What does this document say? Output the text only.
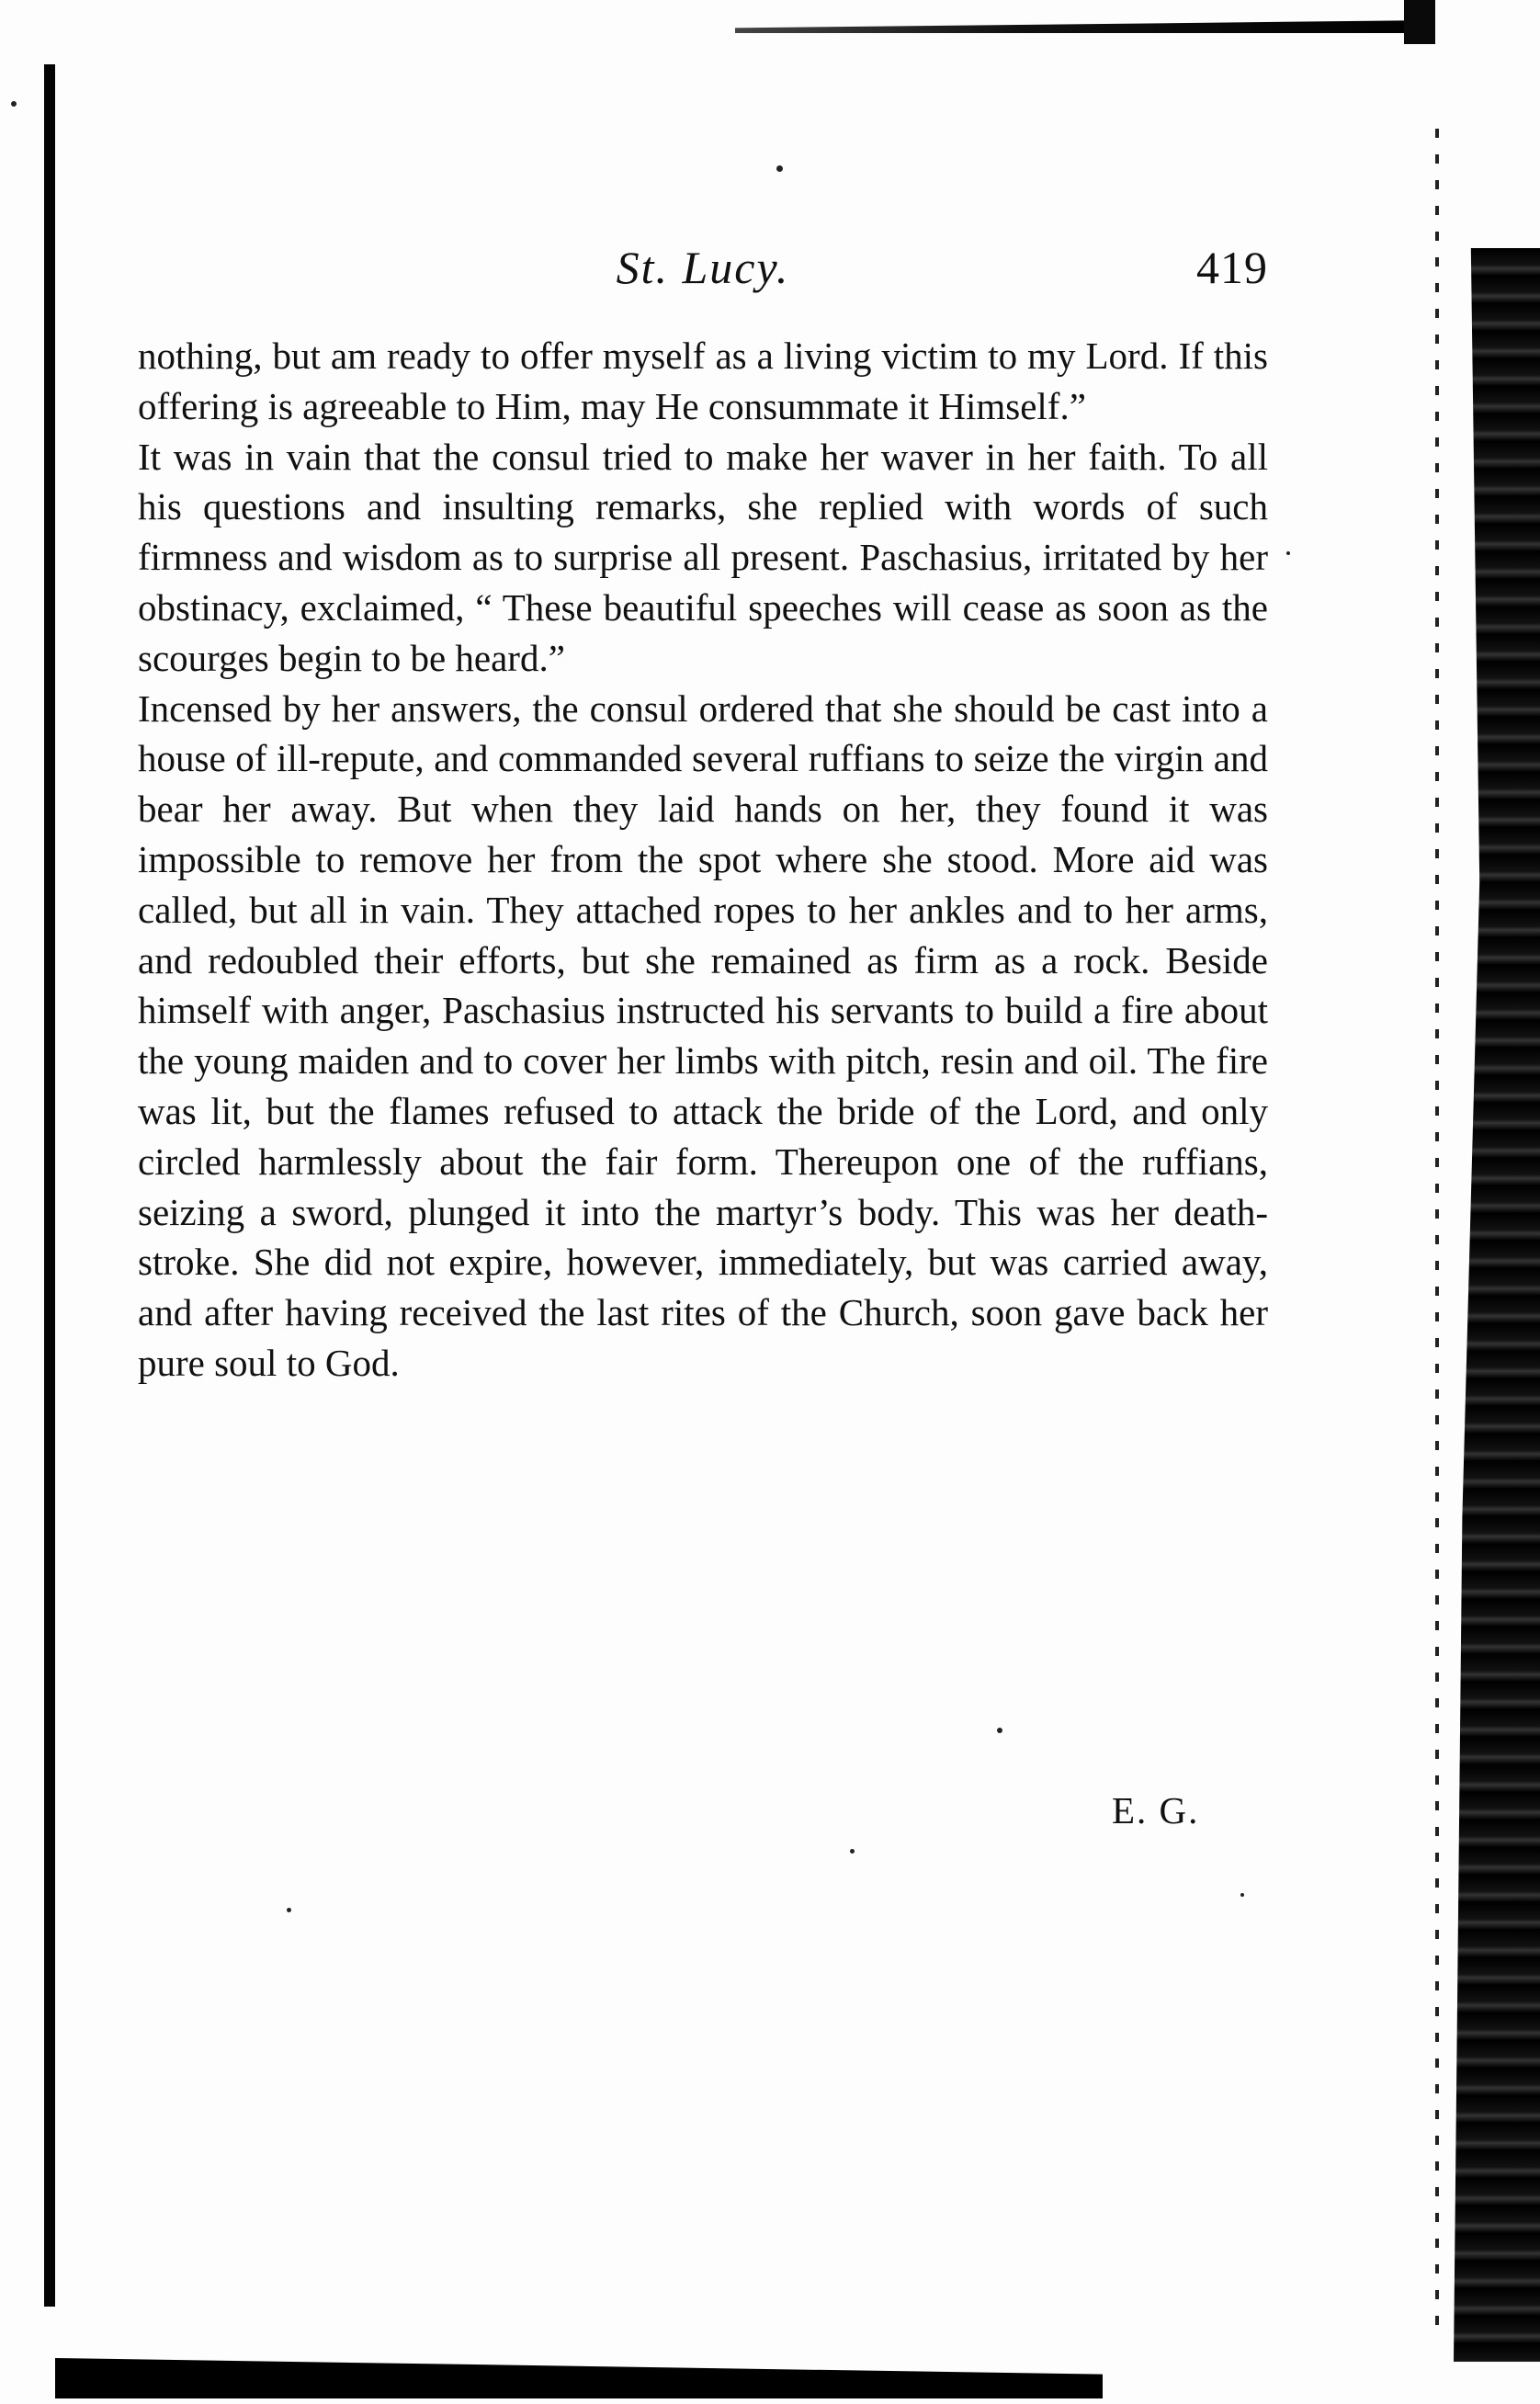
St. Lucy.	419

nothing, but am ready to offer myself as a living victim to my Lord. If this offering is agreeable to Him, may He consummate it Himself.”

It was in vain that the consul tried to make her waver in her faith. To all his questions and insulting remarks, she replied with words of such firmness and wisdom as to surprise all present. Paschasius, irritated by her obstinacy, exclaimed, “ These beautiful speeches will cease as soon as the scourges begin to be heard.”

Incensed by her answers, the consul ordered that she should be cast into a house of ill-repute, and commanded several ruffians to seize the virgin and bear her away. But when they laid hands on her, they found it was impossible to remove her from the spot where she stood. More aid was called, but all in vain. They attached ropes to her ankles and to her arms, and redoubled their efforts, but she remained as firm as a rock. Beside himself with anger, Paschasius instructed his servants to build a fire about the young maiden and to cover her limbs with pitch, resin and oil. The fire was lit, but the flames refused to attack the bride of the Lord, and only circled harmlessly about the fair form. Thereupon one of the ruffians, seizing a sword, plunged it into the martyr’s body. This was her death-stroke. She did not expire, however, immediately, but was carried away, and after having received the last rites of the Church, soon gave back her pure soul to God.

E. G.
